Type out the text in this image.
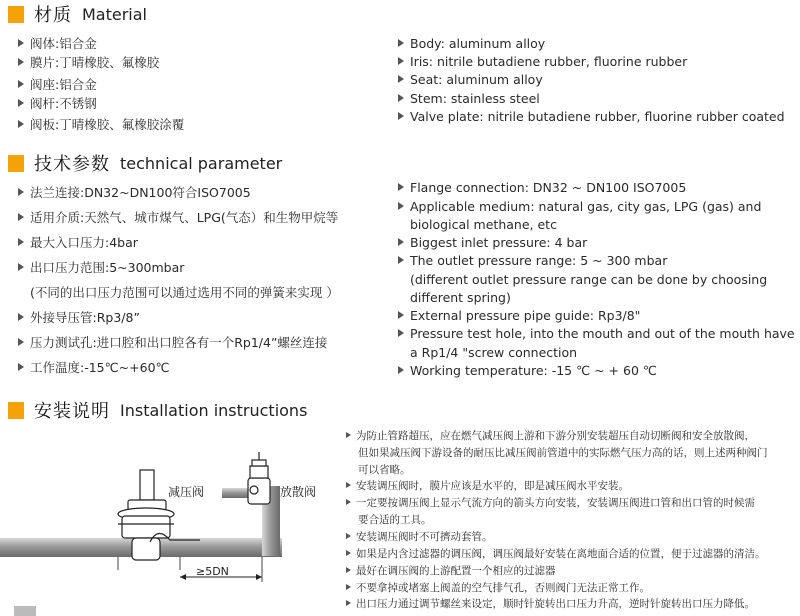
材质 Material
阀体:铝合金
膜片:丁晴橡胶、氟橡胶
阀座:铝合金
阀杆:不锈钢
阀板:丁晴橡胶、氟橡胶涂覆
Body: aluminum alloy
Iris: nitrile butadiene rubber, fluorine rubber
Seat: aluminum alloy
Stem: stainless steel
Valve plate: nitrile butadiene rubber, fluorine rubber coated
技术参数 technical parameter
法兰连接:DN32~DN100符合ISO7005
适用介质:天然气、城市煤气、LPG(气态）和生物甲烷等
最大入口压力:4bar
出口压力范围:5~300mbar
(不同的出口压力范围可以通过选用不同的弹簧来实现 ）
外接导压管:Rp3/8”
压力测试孔:进口腔和出口腔各有一个Rp1/4”螺丝连接
工作温度:-15℃~+60℃
Flange connection: DN32 ~ DN100 ISO7005
Applicable medium: natural gas, city gas, LPG (gas) and
biological methane, etc
Biggest inlet pressure: 4 bar
The outlet pressure range: 5 ~ 300 mbar
(different outlet pressure range can be done by choosing
different spring)
External pressure pipe guide: Rp3/8"
Pressure test hole, into the mouth and out of the mouth have
a Rp1/4 "screw connection
Working temperature: -15 ℃ ~ + 60 ℃
安装说明 Installation instructions
减压阀	放散阀
≥5DN
为防止管路超压，应在燃气减压阀上游和下游分别安装超压自动切断阀和安全放散阀，
但如果减压阀下游设备的耐压比减压阀前管道中的实际燃气压力高的话，则上述两种阀门
可以省略。
安装调压阀时，膜片应该是水平的，即是减压阀水平安装。
一定要按调压阀上显示气流方向的箭头方向安装，安装调压阀进口管和出口管的时候需
要合适的工具。
安装调压阀时不可擠动套管。
如果是内含过滤器的调压阀，调压阀最好安装在离地面合适的位置，便于过滤器的清洁。
最好在调压阀的上游配置一个相应的过滤器
不要拿掉或堵塞上阀盖的空气排气孔，否则阀门无法正常工作。
出口压力通过调节螺丝来设定，顺时针旋转出口压力升高，逆时针旋转出口压力降低。
